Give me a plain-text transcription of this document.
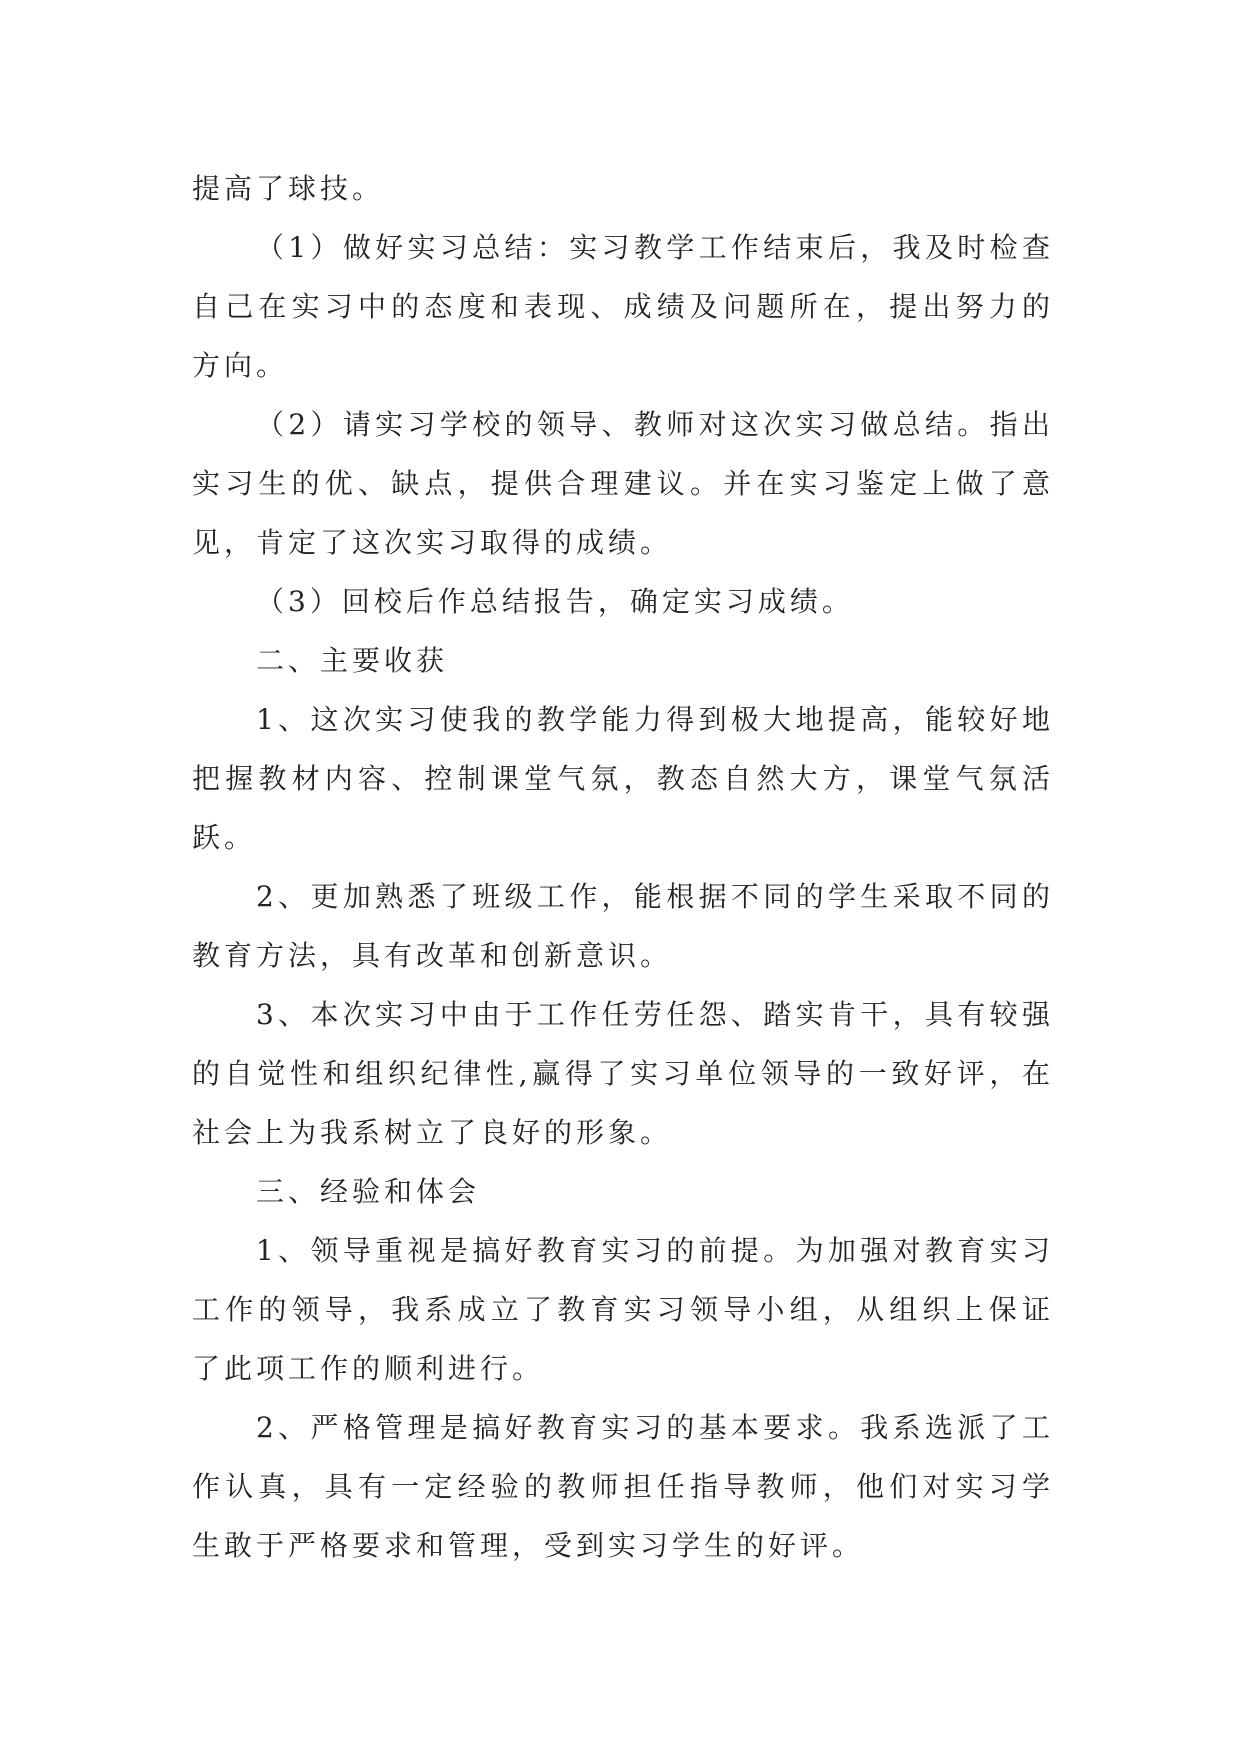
提高了球技。

（1）做好实习总结：实习教学工作结束后，我及时检查自己在实习中的态度和表现、成绩及问题所在，提出努力的方向。

（2）请实习学校的领导、教师对这次实习做总结。指出实习生的优、缺点，提供合理建议。并在实习鉴定上做了意见，肯定了这次实习取得的成绩。

（3）回校后作总结报告，确定实习成绩。

二、主要收获

1、这次实习使我的教学能力得到极大地提高，能较好地把握教材内容、控制课堂气氛，教态自然大方，课堂气氛活跃。

2、更加熟悉了班级工作，能根据不同的学生采取不同的教育方法，具有改革和创新意识。

3、本次实习中由于工作任劳任怨、踏实肯干，具有较强的自觉性和组织纪律性,赢得了实习单位领导的一致好评，在社会上为我系树立了良好的形象。

三、经验和体会

1、领导重视是搞好教育实习的前提。为加强对教育实习工作的领导，我系成立了教育实习领导小组，从组织上保证了此项工作的顺利进行。

2、严格管理是搞好教育实习的基本要求。我系选派了工作认真，具有一定经验的教师担任指导教师，他们对实习学生敢于严格要求和管理，受到实习学生的好评。
